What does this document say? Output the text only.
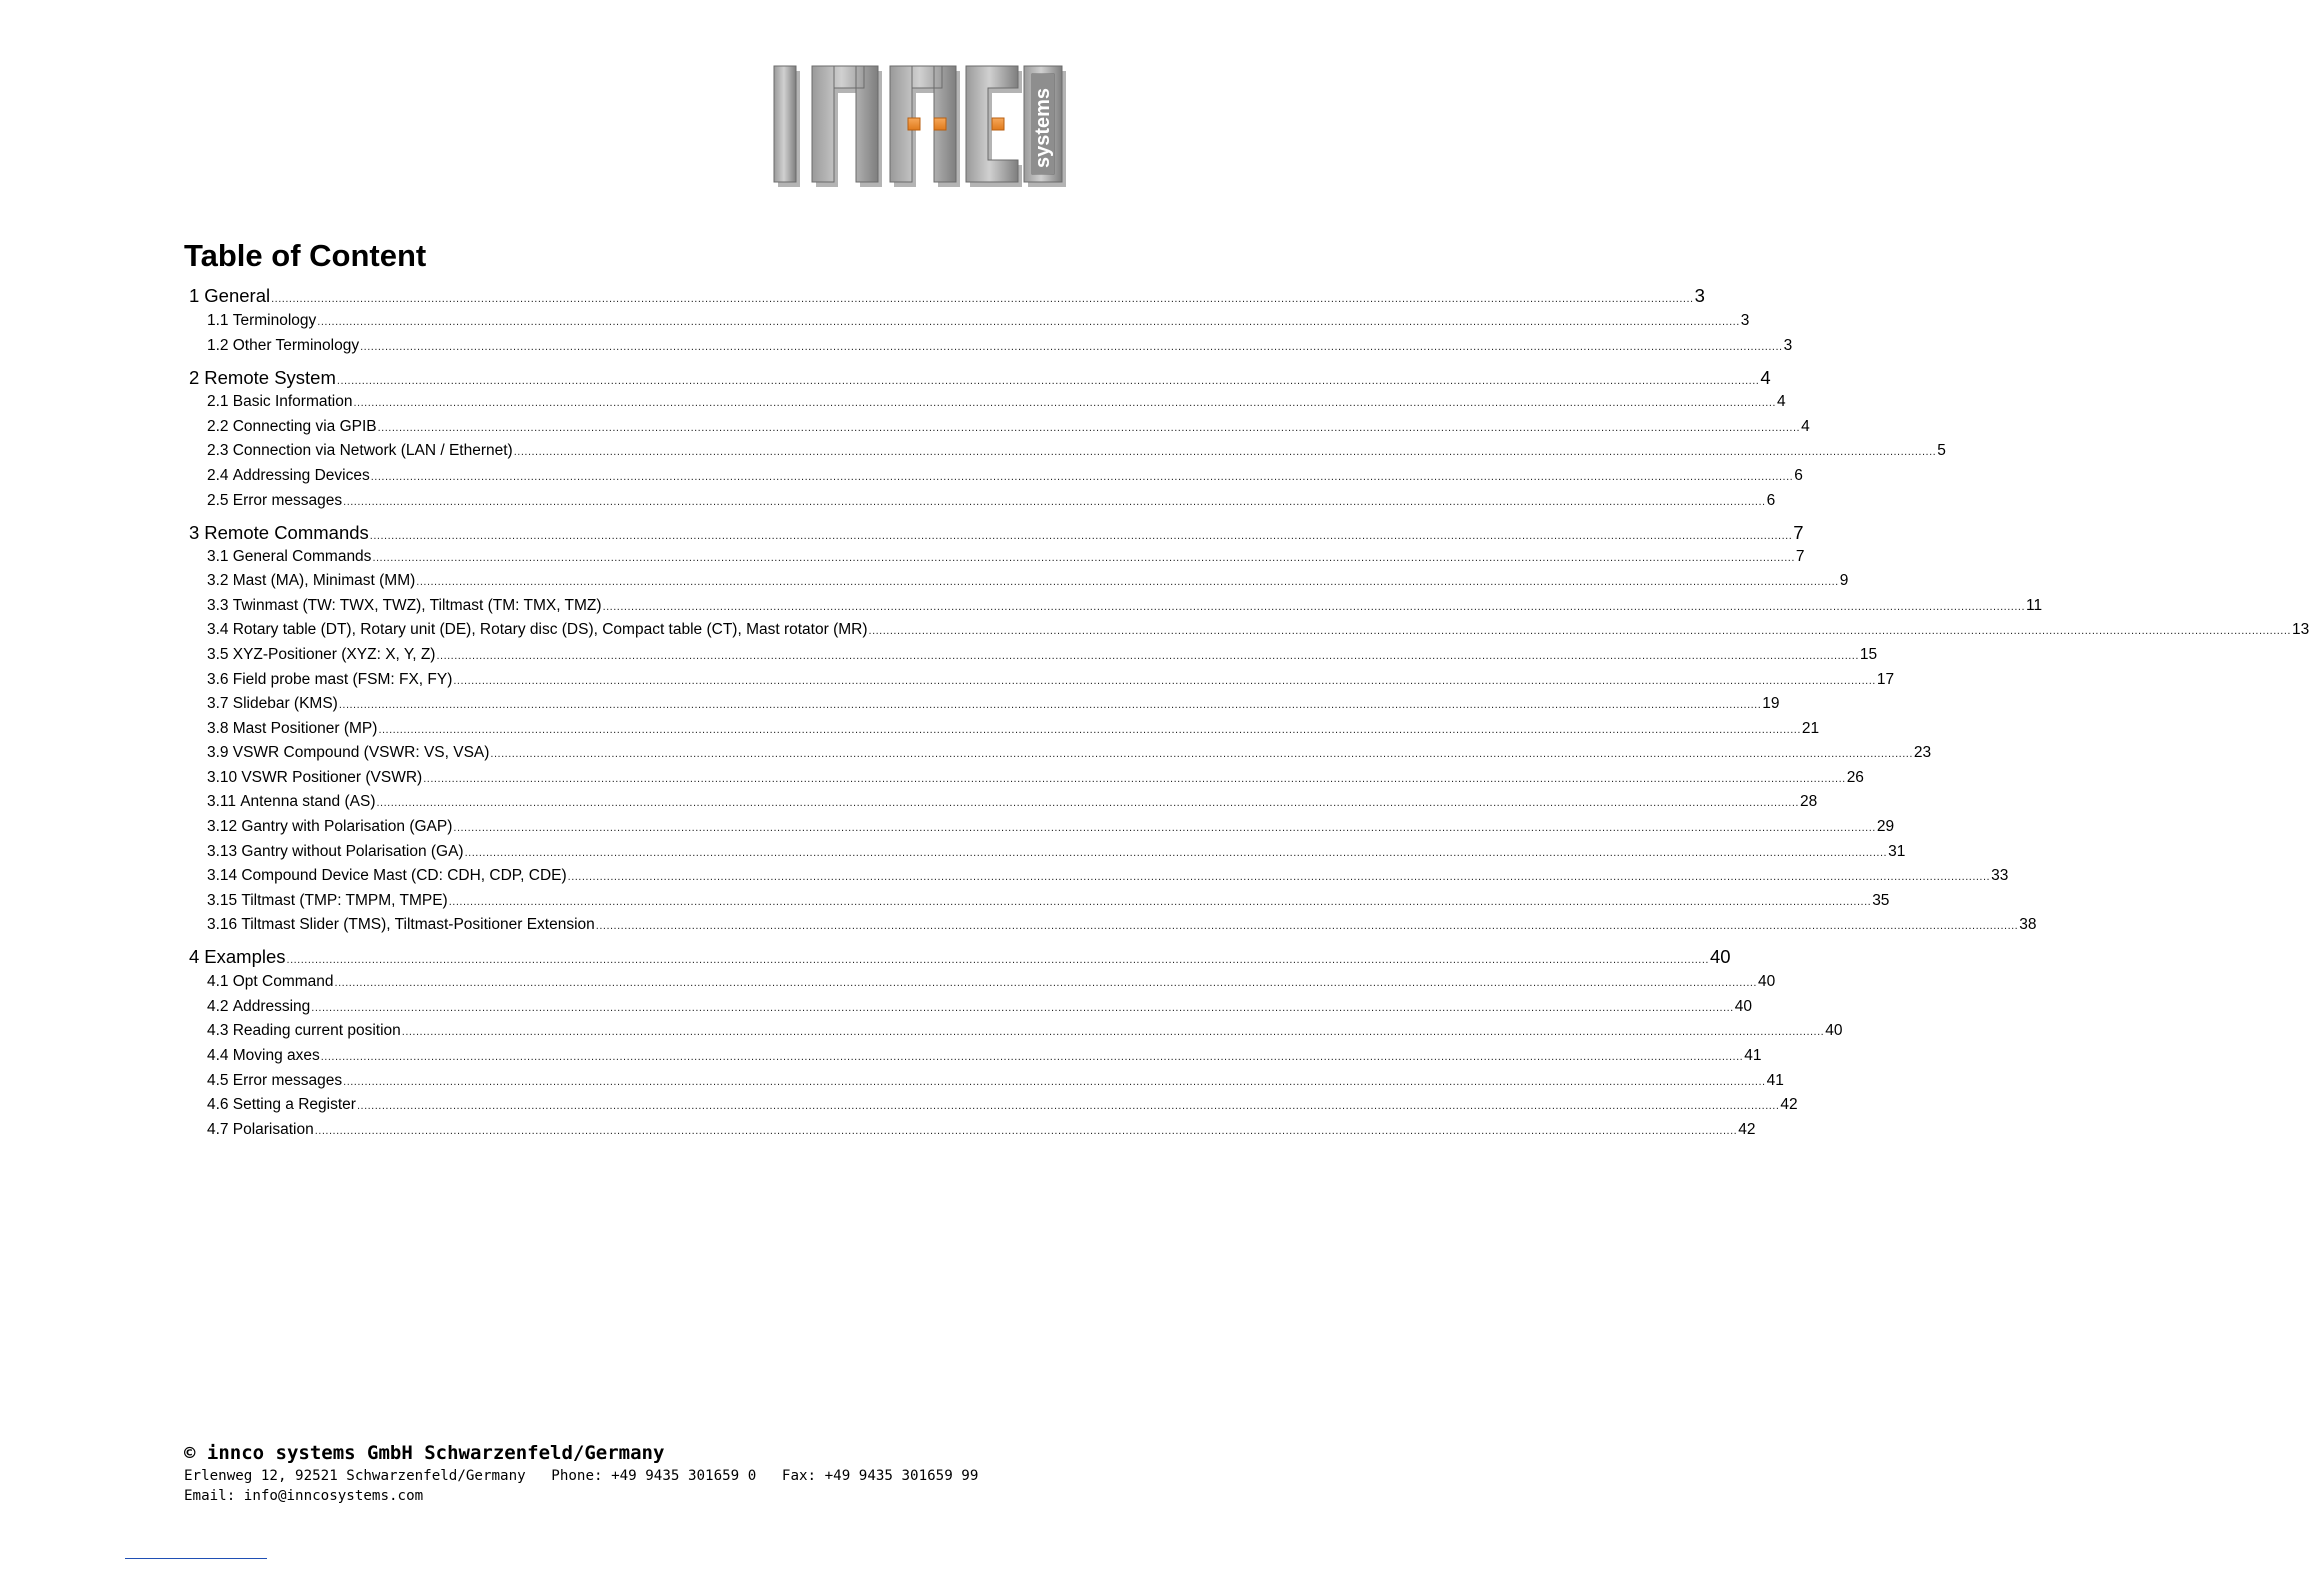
systems
Table of Content
1 General ................................................................................................................................................................................................................................................................................................................................................................................................................ 3
1.1 Terminology ................................................................................................................................................................................................................................................................................................................................................................................................................ 3
1.2 Other Terminology ................................................................................................................................................................................................................................................................................................................................................................................................................ 3
2 Remote System ................................................................................................................................................................................................................................................................................................................................................................................................................ 4
2.1 Basic Information ................................................................................................................................................................................................................................................................................................................................................................................................................ 4
2.2 Connecting via GPIB ................................................................................................................................................................................................................................................................................................................................................................................................................ 4
2.3 Connection via Network (LAN / Ethernet) ................................................................................................................................................................................................................................................................................................................................................................................................................ 5
2.4 Addressing Devices ................................................................................................................................................................................................................................................................................................................................................................................................................ 6
2.5 Error messages ................................................................................................................................................................................................................................................................................................................................................................................................................ 6
3 Remote Commands ................................................................................................................................................................................................................................................................................................................................................................................................................ 7
3.1 General Commands ................................................................................................................................................................................................................................................................................................................................................................................................................ 7
3.2 Mast (MA), Minimast (MM) ................................................................................................................................................................................................................................................................................................................................................................................................................ 9
3.3 Twinmast (TW: TWX, TWZ), Tiltmast (TM: TMX, TMZ) ................................................................................................................................................................................................................................................................................................................................................................................................................ 11
3.4 Rotary table (DT), Rotary unit (DE), Rotary disc (DS), Compact table (CT), Mast rotator (MR) ................................................................................................................................................................................................................................................................................................................................................................................................................ 13
3.5 XYZ-Positioner (XYZ: X, Y, Z) ................................................................................................................................................................................................................................................................................................................................................................................................................ 15
3.6 Field probe mast (FSM: FX, FY) ................................................................................................................................................................................................................................................................................................................................................................................................................ 17
3.7 Slidebar (KMS) ................................................................................................................................................................................................................................................................................................................................................................................................................ 19
3.8 Mast Positioner (MP) ................................................................................................................................................................................................................................................................................................................................................................................................................ 21
3.9 VSWR Compound (VSWR: VS, VSA) ................................................................................................................................................................................................................................................................................................................................................................................................................ 23
3.10 VSWR Positioner (VSWR) ................................................................................................................................................................................................................................................................................................................................................................................................................ 26
3.11 Antenna stand (AS) ................................................................................................................................................................................................................................................................................................................................................................................................................ 28
3.12 Gantry with Polarisation (GAP) ................................................................................................................................................................................................................................................................................................................................................................................................................ 29
3.13 Gantry without Polarisation (GA) ................................................................................................................................................................................................................................................................................................................................................................................................................ 31
3.14 Compound Device Mast (CD: CDH, CDP, CDE) ................................................................................................................................................................................................................................................................................................................................................................................................................ 33
3.15 Tiltmast (TMP: TMPM, TMPE) ................................................................................................................................................................................................................................................................................................................................................................................................................ 35
3.16 Tiltmast Slider (TMS), Tiltmast-Positioner Extension ................................................................................................................................................................................................................................................................................................................................................................................................................ 38
4 Examples ................................................................................................................................................................................................................................................................................................................................................................................................................ 40
4.1 Opt Command ................................................................................................................................................................................................................................................................................................................................................................................................................ 40
4.2 Addressing ................................................................................................................................................................................................................................................................................................................................................................................................................ 40
4.3 Reading current position ................................................................................................................................................................................................................................................................................................................................................................................................................ 40
4.4 Moving axes ................................................................................................................................................................................................................................................................................................................................................................................................................ 41
4.5 Error messages ................................................................................................................................................................................................................................................................................................................................................................................................................ 41
4.6 Setting a Register ................................................................................................................................................................................................................................................................................................................................................................................................................ 42
4.7 Polarisation ................................................................................................................................................................................................................................................................................................................................................................................................................ 42
© innco systems GmbH Schwarzenfeld/Germany
Erlenweg 12, 92521 Schwarzenfeld/Germany   Phone: +49 9435 301659 0   Fax: +49 9435 301659 99
Email: info@inncosystems.com
